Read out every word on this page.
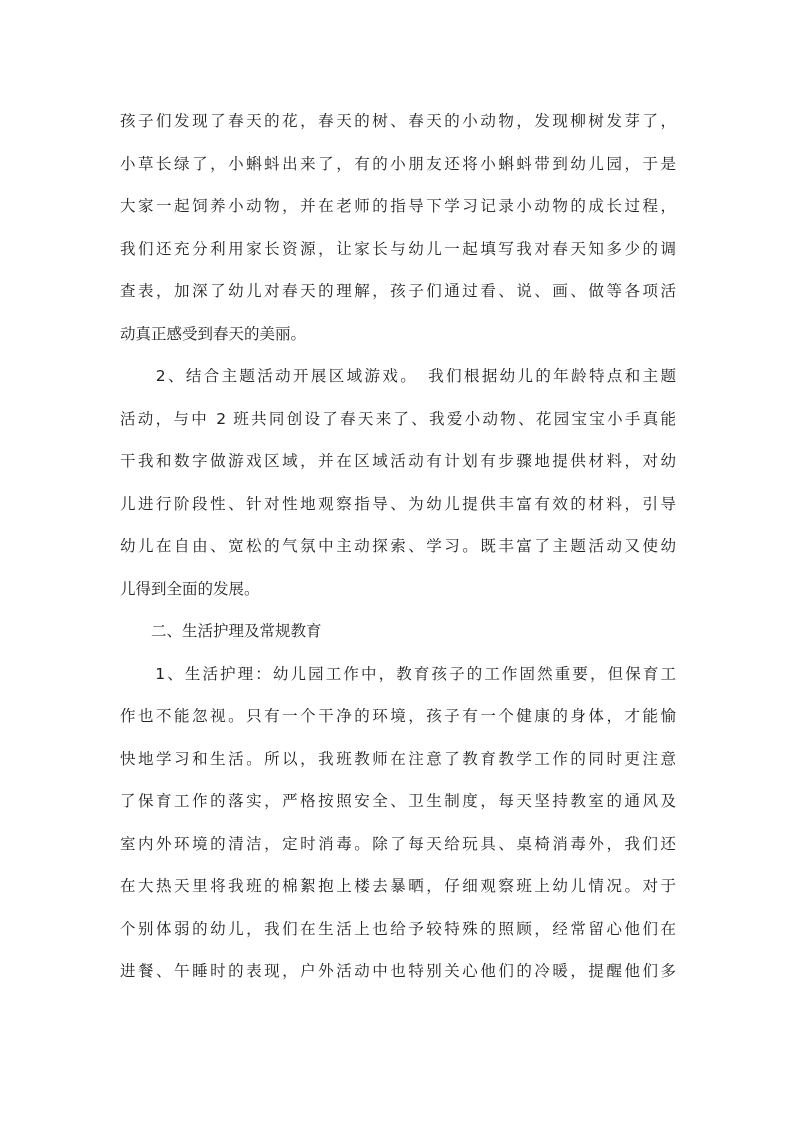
孩子们发现了春天的花，春天的树、春天的小动物，发现柳树发芽了，
小草长绿了，小蝌蚪出来了，有的小朋友还将小蝌蚪带到幼儿园，于是
大家一起饲养小动物，并在老师的指导下学习记录小动物的成长过程，
我们还充分利用家长资源，让家长与幼儿一起填写我对春天知多少的调
查表，加深了幼儿对春天的理解，孩子们通过看、说、画、做等各项活
动真正感受到春天的美丽。
　　2、结合主题活动开展区域游戏。　我们根据幼儿的年龄特点和主题
活动，与中 2 班共同创设了春天来了、我爱小动物、花园宝宝小手真能
干我和数字做游戏区域，并在区域活动有计划有步骤地提供材料，对幼
儿进行阶段性、针对性地观察指导、为幼儿提供丰富有效的材料，引导
幼儿在自由、宽松的气氛中主动探索、学习。既丰富了主题活动又使幼
儿得到全面的发展。
　　二、生活护理及常规教育
　　1、生活护理：幼儿园工作中，教育孩子的工作固然重要，但保育工
作也不能忽视。只有一个干净的环境，孩子有一个健康的身体，才能愉
快地学习和生活。所以，我班教师在注意了教育教学工作的同时更注意
了保育工作的落实，严格按照安全、卫生制度，每天坚持教室的通风及
室内外环境的清洁，定时消毒。除了每天给玩具、桌椅消毒外，我们还
在大热天里将我班的棉絮抱上楼去暴晒，仔细观察班上幼儿情况。对于
个别体弱的幼儿，我们在生活上也给予较特殊的照顾，经常留心他们在
进餐、午睡时的表现，户外活动中也特别关心他们的冷暖，提醒他们多
